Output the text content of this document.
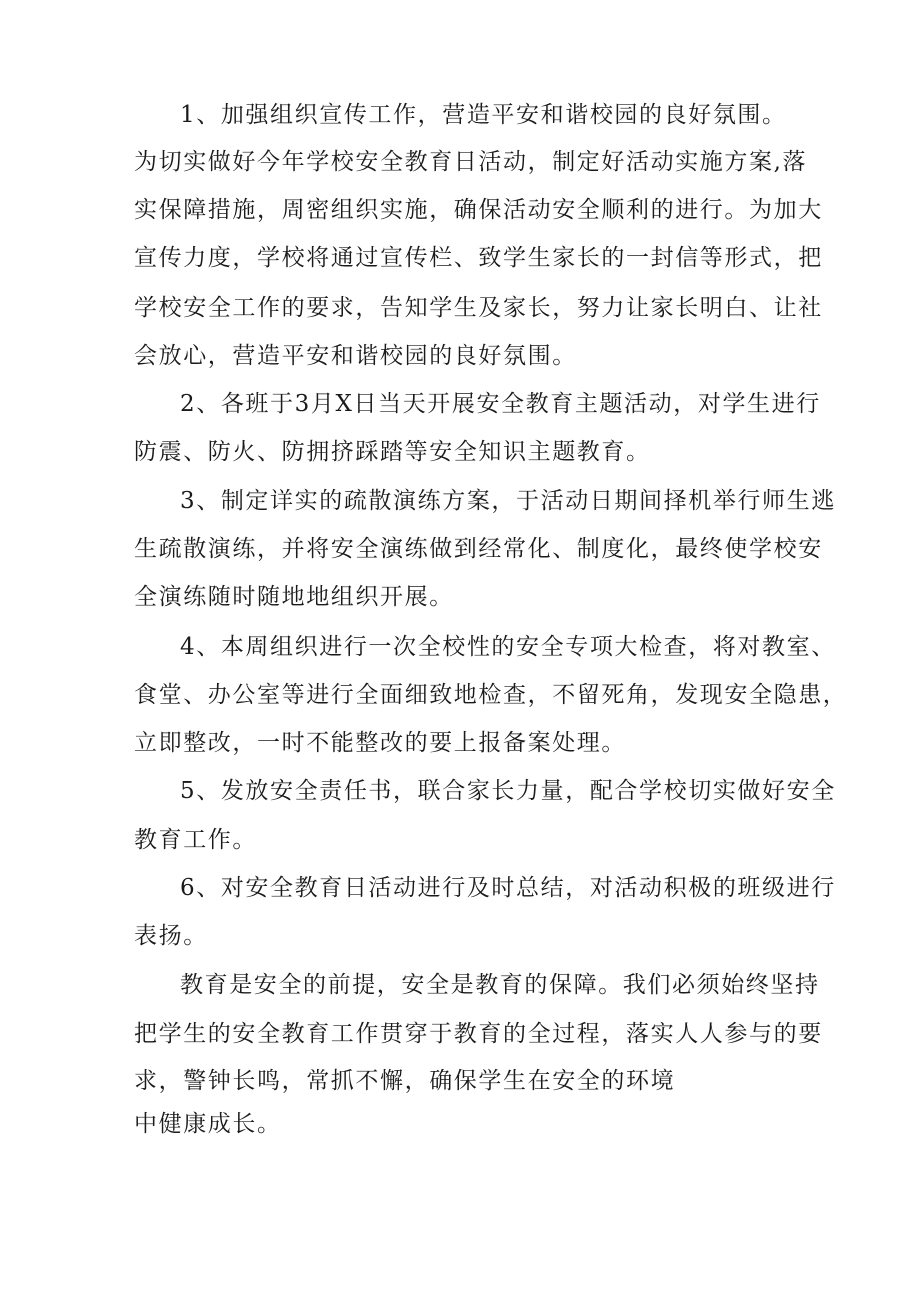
1、加强组织宣传工作，营造平安和谐校园的良好氛围。

为切实做好今年学校安全教育日活动，制定好活动实施方案,落

实保障措施，周密组织实施，确保活动安全顺利的进行。为加大

宣传力度，学校将通过宣传栏、致学生家长的一封信等形式，把

学校安全工作的要求，告知学生及家长，努力让家长明白、让社

会放心，营造平安和谐校园的良好氛围。

2、各班于3月X日当天开展安全教育主题活动，对学生进行

防震、防火、防拥挤踩踏等安全知识主题教育。

3、制定详实的疏散演练方案，于活动日期间择机举行师生逃

生疏散演练，并将安全演练做到经常化、制度化，最终使学校安

全演练随时随地地组织开展。

4、本周组织进行一次全校性的安全专项大检查，将对教室、

食堂、办公室等进行全面细致地检查，不留死角，发现安全隐患，

立即整改，一时不能整改的要上报备案处理。

5、发放安全责任书，联合家长力量，配合学校切实做好安全

教育工作。

6、对安全教育日活动进行及时总结，对活动积极的班级进行

表扬。

教育是安全的前提，安全是教育的保障。我们必须始终坚持

把学生的安全教育工作贯穿于教育的全过程，落实人人参与的要

求，警钟长鸣，常抓不懈，确保学生在安全的环境

中健康成长。
